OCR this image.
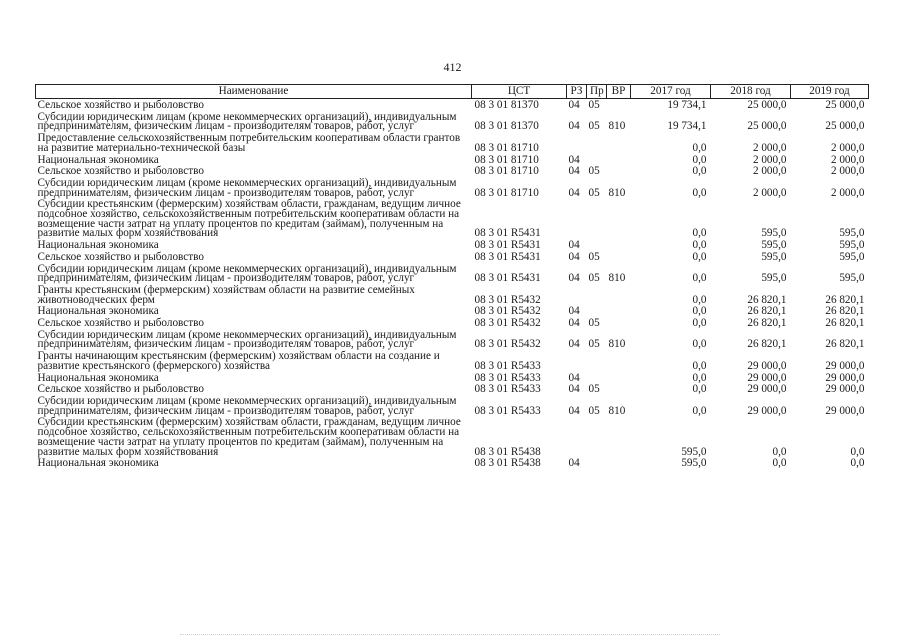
412
Наименование	ЦСТ	РЗ	Пр	ВР	2017 год	2018 год	2019 год
Сельское хозяйство и рыболовство	08 3 01 81370	04	05		19 734,1	25 000,0	25 000,0
Субсидии юридическим лицам (кроме некоммерческих организаций), индивидуальным предпринимателям, физическим лицам - производителям товаров, работ, услуг	08 3 01 81370	04	05	810	19 734,1	25 000,0	25 000,0
Предоставление сельскохозяйственным потребительским кооперативам области грантов на развитие материально-технической базы	08 3 01 81710				0,0	2 000,0	2 000,0
Национальная экономика	08 3 01 81710	04			0,0	2 000,0	2 000,0
Сельское хозяйство и рыболовство	08 3 01 81710	04	05		0,0	2 000,0	2 000,0
Субсидии юридическим лицам (кроме некоммерческих организаций), индивидуальным предпринимателям, физическим лицам - производителям товаров, работ, услуг	08 3 01 81710	04	05	810	0,0	2 000,0	2 000,0
Субсидии крестьянским (фермерским) хозяйствам области, гражданам, ведущим личное подсобное хозяйство, сельскохозяйственным потребительским кооперативам области на возмещение части затрат на уплату процентов по кредитам (займам), полученным на развитие малых форм хозяйствования	08 3 01 R5431				0,0	595,0	595,0
Национальная экономика	08 3 01 R5431	04			0,0	595,0	595,0
Сельское хозяйство и рыболовство	08 3 01 R5431	04	05		0,0	595,0	595,0
Субсидии юридическим лицам (кроме некоммерческих организаций), индивидуальным предпринимателям, физическим лицам - производителям товаров, работ, услуг	08 3 01 R5431	04	05	810	0,0	595,0	595,0
Гранты крестьянским (фермерским) хозяйствам области на развитие семейных животноводческих ферм	08 3 01 R5432				0,0	26 820,1	26 820,1
Национальная экономика	08 3 01 R5432	04			0,0	26 820,1	26 820,1
Сельское хозяйство и рыболовство	08 3 01 R5432	04	05		0,0	26 820,1	26 820,1
Субсидии юридическим лицам (кроме некоммерческих организаций), индивидуальным предпринимателям, физическим лицам - производителям товаров, работ, услуг	08 3 01 R5432	04	05	810	0,0	26 820,1	26 820,1
Гранты начинающим крестьянским (фермерским) хозяйствам области на создание и развитие крестьянского (фермерского) хозяйства	08 3 01 R5433				0,0	29 000,0	29 000,0
Национальная экономика	08 3 01 R5433	04			0,0	29 000,0	29 000,0
Сельское хозяйство и рыболовство	08 3 01 R5433	04	05		0,0	29 000,0	29 000,0
Субсидии юридическим лицам (кроме некоммерческих организаций), индивидуальным предпринимателям, физическим лицам - производителям товаров, работ, услуг	08 3 01 R5433	04	05	810	0,0	29 000,0	29 000,0
Субсидии крестьянским (фермерским) хозяйствам области, гражданам, ведущим личное подсобное хозяйство, сельскохозяйственным потребительским кооперативам области на возмещение части затрат на уплату процентов по кредитам (займам), полученным на развитие малых форм хозяйствования	08 3 01 R5438				595,0	0,0	0,0
Национальная экономика	08 3 01 R5438	04			595,0	0,0	0,0
